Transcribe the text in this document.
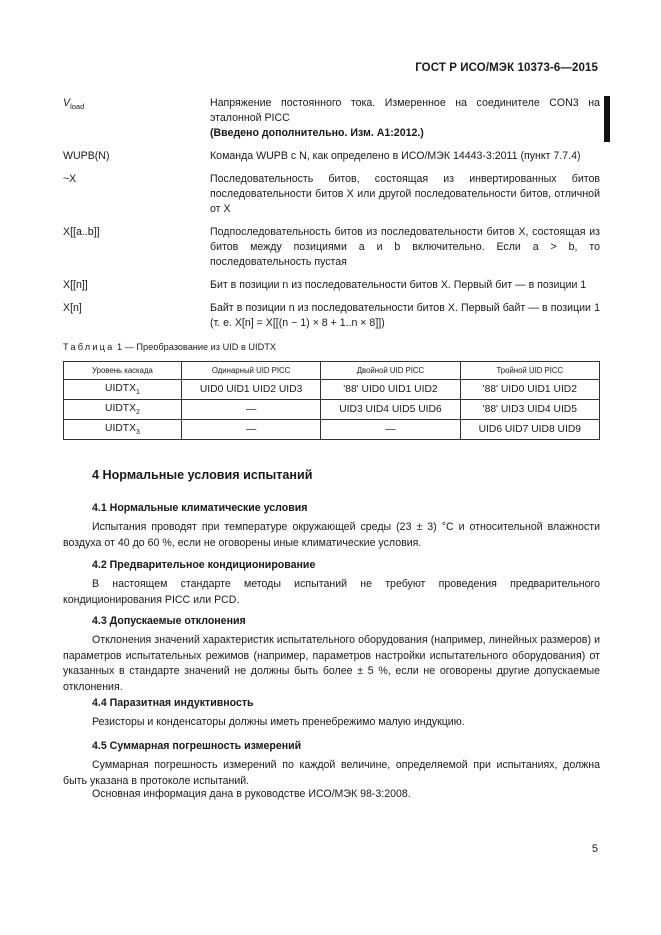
ГОСТ Р ИСО/МЭК 10373-6—2015
$V_{load}$	Напряжение постоянного тока. Измеренное на соединителе CON3 на эталонной PICC
(Введено дополнительно. Изм. А1:2012.)
WUPB(N)	Команда WUPB с N, как определено в ИСО/МЭК 14443-3:2011 (пункт 7.7.4)
~X	Последовательность битов, состоящая из инвертированных битов последовательности битов X или другой последовательности битов, отличной от X
X[[a..b]]	Подпоследовательность битов из последовательности битов X, состоящая из битов между позициями a и b включительно. Если a > b, то последовательность пустая
X[[n]]	Бит в позиции n из последовательности битов X. Первый бит — в позиции 1
X[n]	Байт в позиции n из последовательности битов X. Первый байт — в позиции 1 (т. е. X[n] = X[[(n − 1) × 8 + 1..n × 8]])
Таблица 1 — Преобразование из UID в UIDTX
Уровень каскада	Одинарный UID PICC	Двойной UID PICC	Тройной UID PICC
$UIDTX_1$	UID0 UID1 UID2 UID3	'88' UID0 UID1 UID2	'88' UID0 UID1 UID2
$UIDTX_2$	—	UID3 UID4 UID5 UID6	'88' UID3 UID4 UID5
$UIDTX_3$	—	—	UID6 UID7 UID8 UID9
4 Нормальные условия испытаний
4.1 Нормальные климатические условия
Испытания проводят при температуре окружающей среды (23 ± 3) °С и относительной влажности воздуха от 40 до 60 %, если не оговорены иные климатические условия.
4.2 Предварительное кондиционирование
В настоящем стандарте методы испытаний не требуют проведения предварительного кондиционирования PICC или PCD.
4.3 Допускаемые отклонения
Отклонения значений характеристик испытательного оборудования (например, линейных размеров) и параметров испытательных режимов (например, параметров настройки испытательного оборудования) от указанных в стандарте значений не должны быть более ± 5 %, если не оговорены другие допускаемые отклонения.
4.4 Паразитная индуктивность
Резисторы и конденсаторы должны иметь пренебрежимо малую индукцию.
4.5 Суммарная погрешность измерений
Суммарная погрешность измерений по каждой величине, определяемой при испытаниях, должна быть указана в протоколе испытаний.
Основная информация дана в руководстве ИСО/МЭК 98-3:2008.
5
